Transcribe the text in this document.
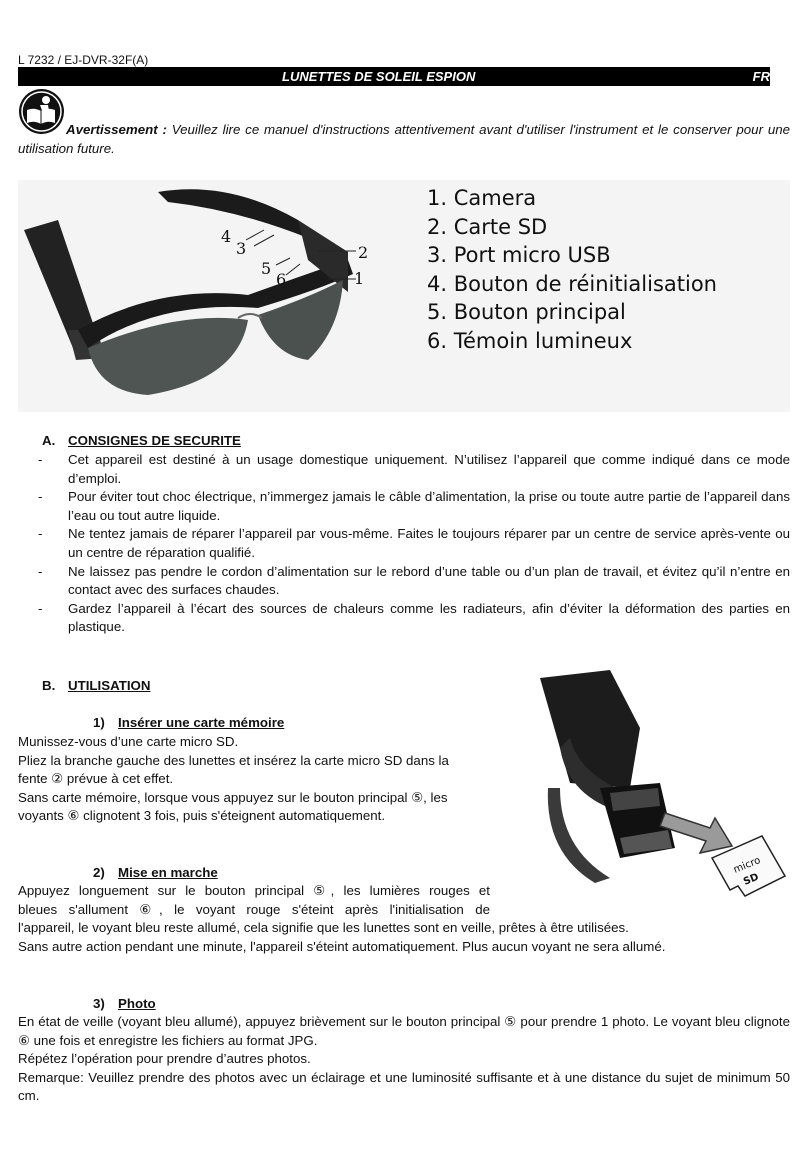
L 7232 / EJ-DVR-32F(A)
LUNETTES DE SOLEIL ESPION	FR

Avertissement : Veuillez lire ce manuel d'instructions attentivement avant d'utiliser l'instrument et le conserver pour une utilisation future.

4
3
5
6
2
1
1. Camera
2. Carte SD
3. Port micro USB
4. Bouton de réinitialisation
5. Bouton principal
6. Témoin lumineux
A. CONSIGNES DE SECURITE
- Cet appareil est destiné à un usage domestique uniquement. N’utilisez l’appareil que comme indiqué dans ce mode d’emploi.
- Pour éviter tout choc électrique, n’immergez jamais le câble d’alimentation, la prise ou toute autre partie de l’appareil dans l’eau ou tout autre liquide.
- Ne tentez jamais de réparer l’appareil par vous-même. Faites le toujours réparer par un centre de service après-vente ou un centre de réparation qualifié.
- Ne laissez pas pendre le cordon d’alimentation sur le rebord d’une table ou d’un plan de travail, et évitez qu’il n’entre en contact avec des surfaces chaudes.
- Gardez l’appareil à l’écart des sources de chaleurs comme les radiateurs, afin d’éviter la déformation des parties en plastique.
B. UTILISATION
micro
SD
1) Insérer une carte mémoire
Munissez-vous d’une carte micro SD.
Pliez la branche gauche des lunettes et insérez la carte micro SD dans la
fente ② prévue à cet effet.
Sans carte mémoire, lorsque vous appuyez sur le bouton principal ⑤, les
voyants ⑥ clignotent 3 fois, puis s'éteignent automatiquement.
2) Mise en marche
Appuyez longuement sur le bouton principal ⑤, les lumières rouges et
bleues s'allument ⑥, le voyant rouge s'éteint après l'initialisation de
l'appareil, le voyant bleu reste allumé, cela signifie que les lunettes sont en veille, prêtes à être utilisées.
Sans autre action pendant une minute, l'appareil s'éteint automatiquement. Plus aucun voyant ne sera allumé.
3) Photo
En état de veille (voyant bleu allumé), appuyez brièvement sur le bouton principal ⑤ pour prendre 1 photo. Le voyant bleu clignote ⑥ une fois et enregistre les fichiers au format JPG.
Répétez l’opération pour prendre d’autres photos.
Remarque: Veuillez prendre des photos avec un éclairage et une luminosité suffisante et à une distance du sujet de minimum 50 cm.
